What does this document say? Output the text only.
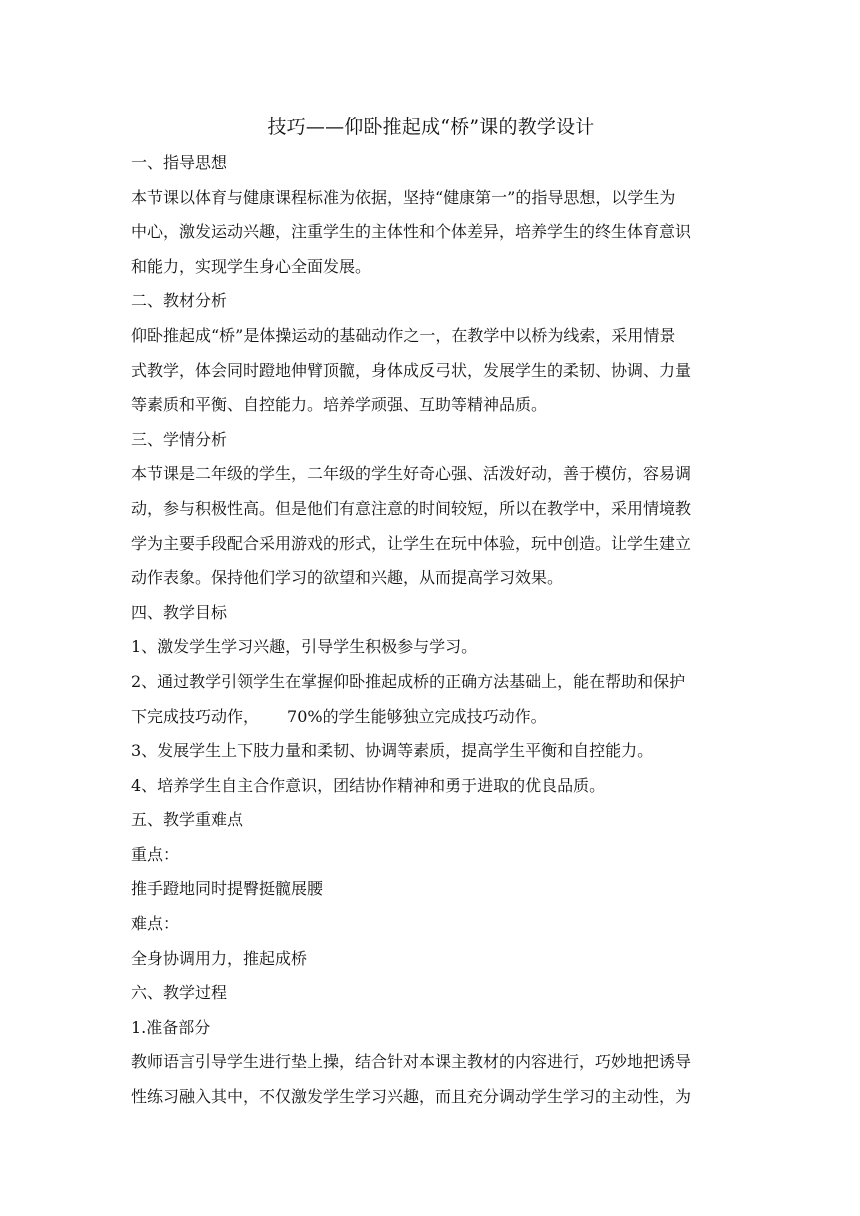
技巧——仰卧推起成“桥”课的教学设计

一、指导思想

本节课以体育与健康课程标准为依据，坚持“健康第一”的指导思想，以学生为

中心，激发运动兴趣，注重学生的主体性和个体差异，培养学生的终生体育意识

和能力，实现学生身心全面发展。

二、教材分析

仰卧推起成“桥”是体操运动的基础动作之一，在教学中以桥为线索，采用情景

式教学，体会同时蹬地伸臂顶髋，身体成反弓状，发展学生的柔韧、协调、力量

等素质和平衡、自控能力。培养学顽强、互助等精神品质。

三、学情分析

本节课是二年级的学生，二年级的学生好奇心强、活泼好动，善于模仿，容易调

动，参与积极性高。但是他们有意注意的时间较短，所以在教学中，采用情境教

学为主要手段配合采用游戏的形式，让学生在玩中体验，玩中创造。让学生建立

动作表象。保持他们学习的欲望和兴趣，从而提高学习效果。

四、教学目标

1、激发学生学习兴趣，引导学生积极参与学习。

2、通过教学引领学生在掌握仰卧推起成桥的正确方法基础上，能在帮助和保护

下完成技巧动作， 70%的学生能够独立完成技巧动作。

3、发展学生上下肢力量和柔韧、协调等素质，提高学生平衡和自控能力。

4、培养学生自主合作意识，团结协作精神和勇于进取的优良品质。

五、教学重难点

重点：

推手蹬地同时提臀挺髋展腰

难点：

全身协调用力，推起成桥

六、教学过程

1.准备部分

教师语言引导学生进行垫上操，结合针对本课主教材的内容进行，巧妙地把诱导

性练习融入其中，不仅激发学生学习兴趣，而且充分调动学生学习的主动性，为
